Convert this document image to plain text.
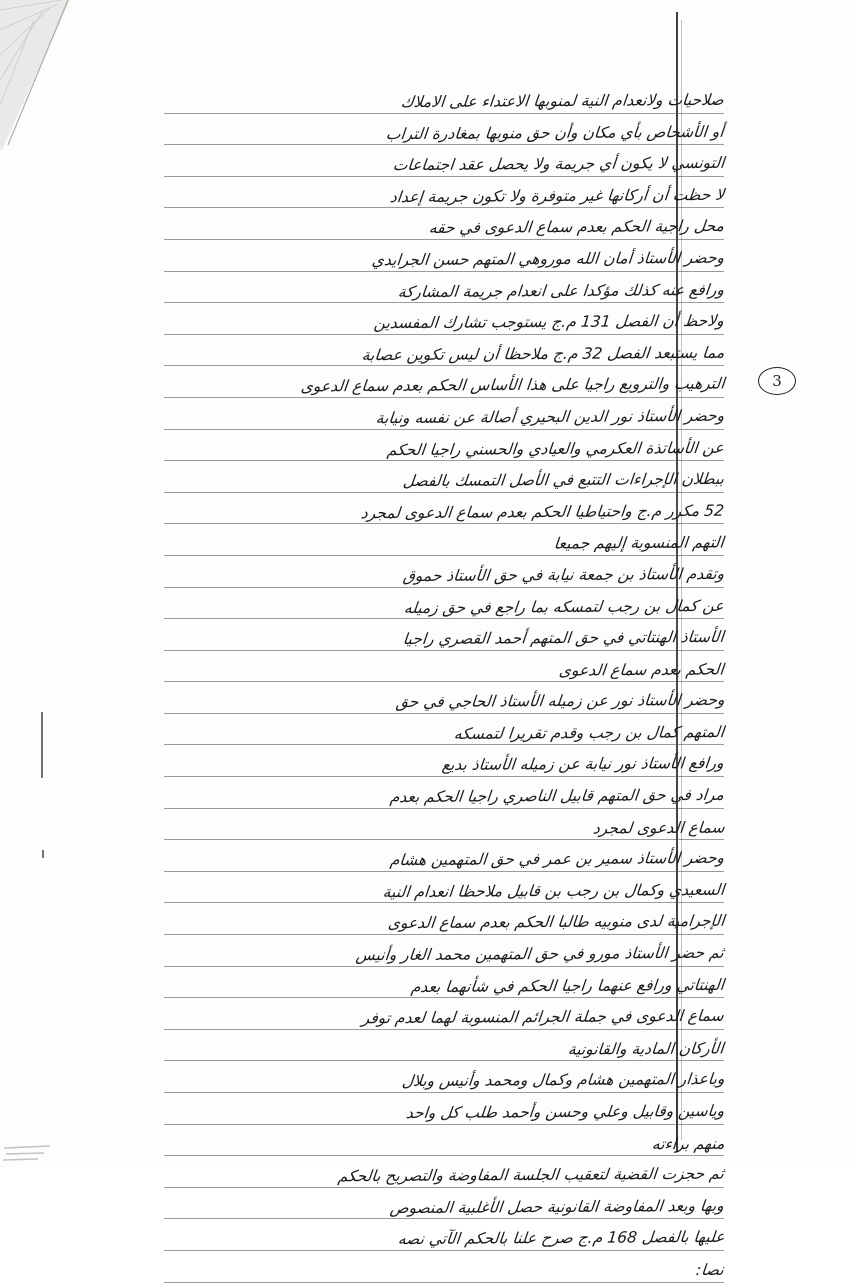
3
صلاحيات ولانعدام النية لمنوبها الاعتداء على الاملاك
أو الأشخاص بأي مكان وأن حق منوبها بمغادرة التراب
التونسي لا يكون أي جريمة ولا يحصل عقد اجتماعات
لا حظت أن أركانها غير متوفرة ولا تكون جريمة إعداد
محل راجية الحكم بعدم سماع الدعوى في حقه
وحضر الأستاذ أمان الله موروهي المتهم حسن الجرايدي
ورافع عنه كذلك مؤكدا على انعدام جريمة المشاركة
ولاحظ أن الفصل 131 م.ج يستوجب تشارك المفسدين
مما يستبعد الفصل 32 م.ج ملاحظا أن ليس تكوين عصابة
الترهيب والترويع راجيا على هذا الأساس الحكم بعدم سماع الدعوى
وحضر الأستاذ نور الدين البحيري أصالة عن نفسه ونيابة
عن الأساتذة العكرمي والعيادي والحسني راجيا الحكم
ببطلان الإجراءات التتبع في الأصل التمسك بالفصل
52 مكرر م.ج واحتياطيا الحكم بعدم سماع الدعوى لمجرد
التهم المنسوبة إليهم جميعا
وتقدم الأستاذ بن جمعة نيابة في حق الأستاذ حموق
عن كمال بن رجب لتمسكه بما راجع في حق زميله
الأستاذ الهنتاتي في حق المتهم أحمد القصري راجيا
الحكم بعدم سماع الدعوى
وحضر الأستاذ نور عن زميله الأستاذ الحاجي في حق
المتهم كمال بن رجب وقدم تقريرا لتمسكه
ورافع الأستاذ نور نيابة عن زميله الأستاذ بديع
مراد في حق المتهم قابيل الناصري راجيا الحكم بعدم
سماع الدعوى لمجرد
وحضر الأستاذ سمير بن عمر في حق المتهمين هشام
السعيدي وكمال بن رجب بن قابيل ملاحظا انعدام النية
الإجرامية لدى منوبيه طالبا الحكم بعدم سماع الدعوى
ثم حضر الأستاذ مورو في حق المتهمين محمد الغار وأنيس
الهنتاتي ورافع عنهما راجيا الحكم في شأنهما بعدم
سماع الدعوى في جملة الجرائم المنسوبة لهما لعدم توفر
الأركان المادية والقانونية
وباعذار المتهمين هشام وكمال ومحمد وأنيس وبلال
وياسين وقابيل وعلي وحسن وأحمد طلب كل واحد
منهم براءته
ثم حجزت القضية لتعقيب الجلسة المفاوضة والتصريح بالحكم
وبها وبعد المفاوضة القانونية حصل الأغلبية المنصوص
عليها بالفصل 168 م.ج صرح علنا بالحكم الآتي نصه
نصا:
